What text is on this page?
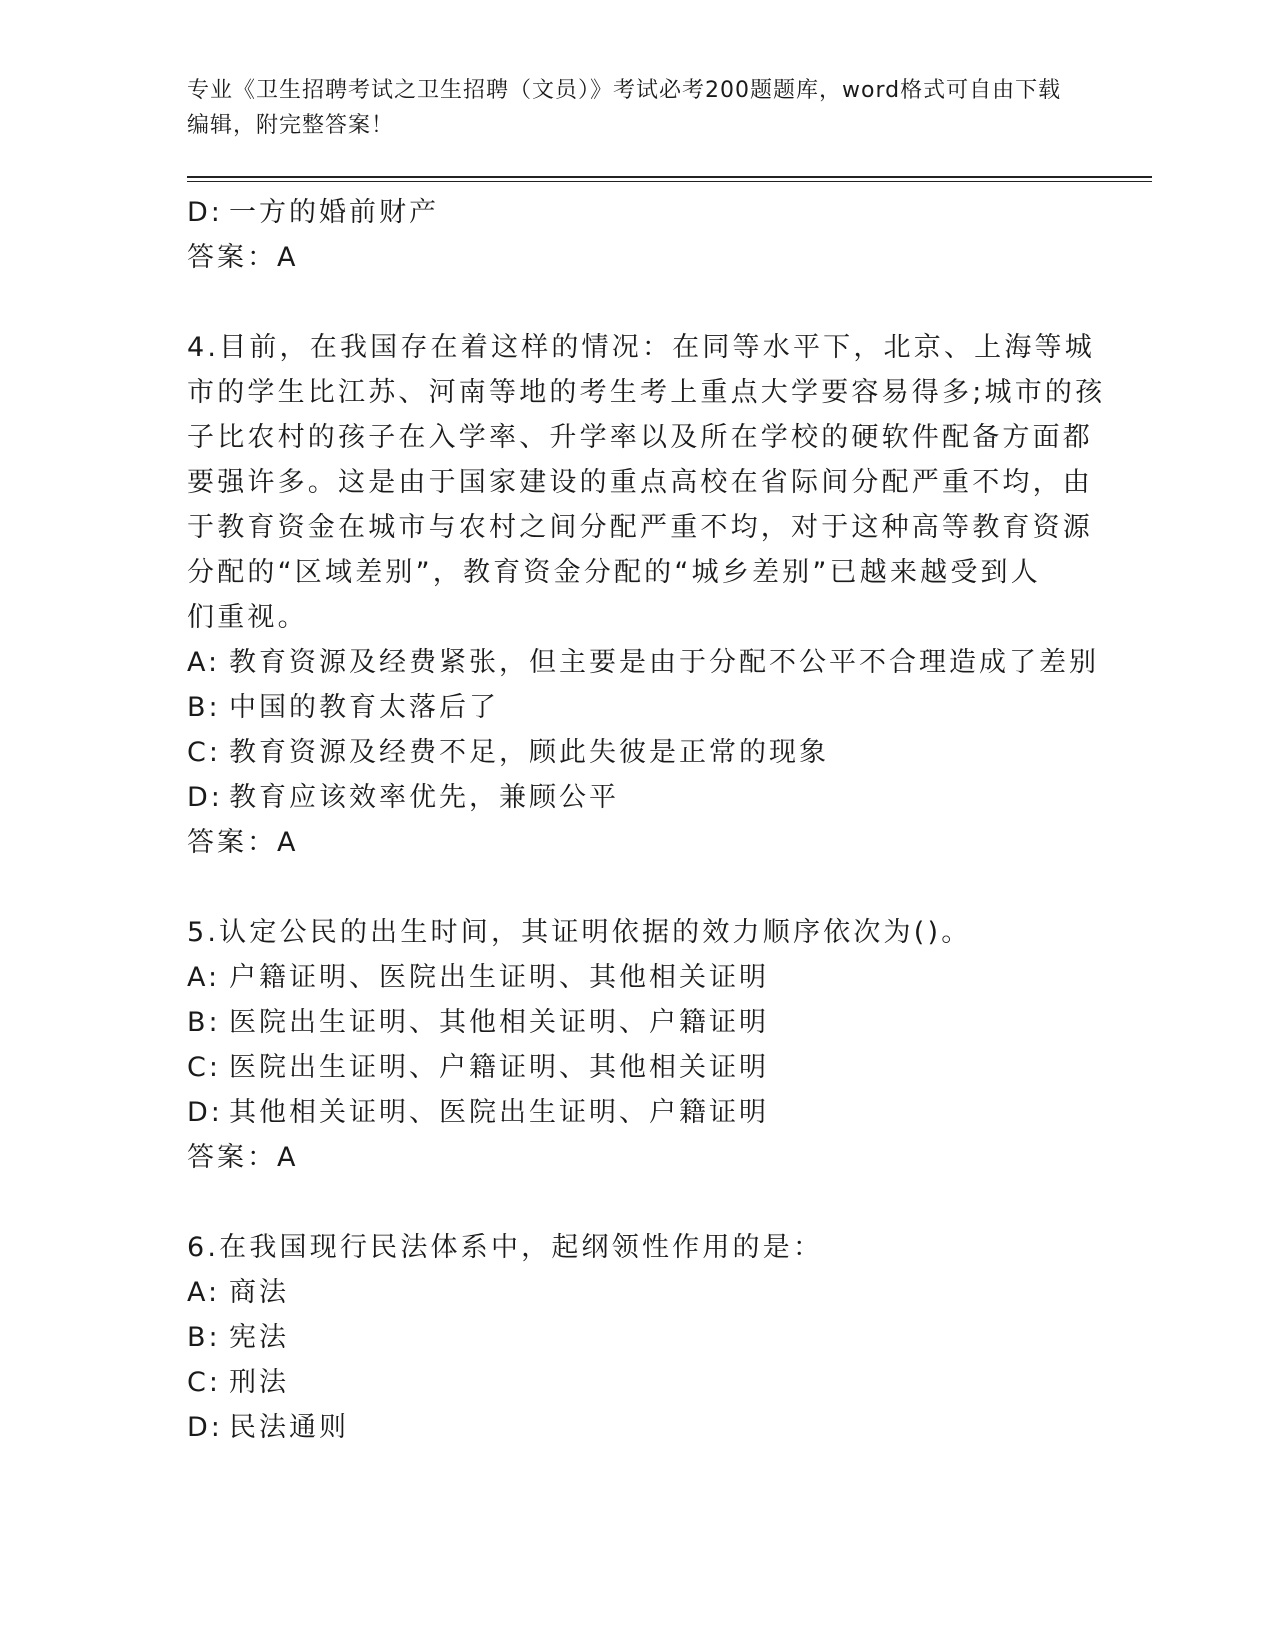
专业《卫生招聘考试之卫生招聘（文员）》考试必考200题题库，word格式可自由下载编辑，附完整答案！
D: 一方的婚前财产
答案：A
4.目前，在我国存在着这样的情况：在同等水平下，北京、上海等城
市的学生比江苏、河南等地的考生考上重点大学要容易得多;城市的孩
子比农村的孩子在入学率、升学率以及所在学校的硬软件配备方面都
要强许多。这是由于国家建设的重点高校在省际间分配严重不均，由
于教育资金在城市与农村之间分配严重不均，对于这种高等教育资源
分配的“区域差别”，教育资金分配的“城乡差别”已越来越受到人
们重视。
A: 教育资源及经费紧张，但主要是由于分配不公平不合理造成了差别
B: 中国的教育太落后了
C: 教育资源及经费不足，顾此失彼是正常的现象
D: 教育应该效率优先，兼顾公平
答案：A
5.认定公民的出生时间，其证明依据的效力顺序依次为()。
A: 户籍证明、医院出生证明、其他相关证明
B: 医院出生证明、其他相关证明、户籍证明
C: 医院出生证明、户籍证明、其他相关证明
D: 其他相关证明、医院出生证明、户籍证明
答案：A
6.在我国现行民法体系中，起纲领性作用的是：
A: 商法
B: 宪法
C: 刑法
D: 民法通则
